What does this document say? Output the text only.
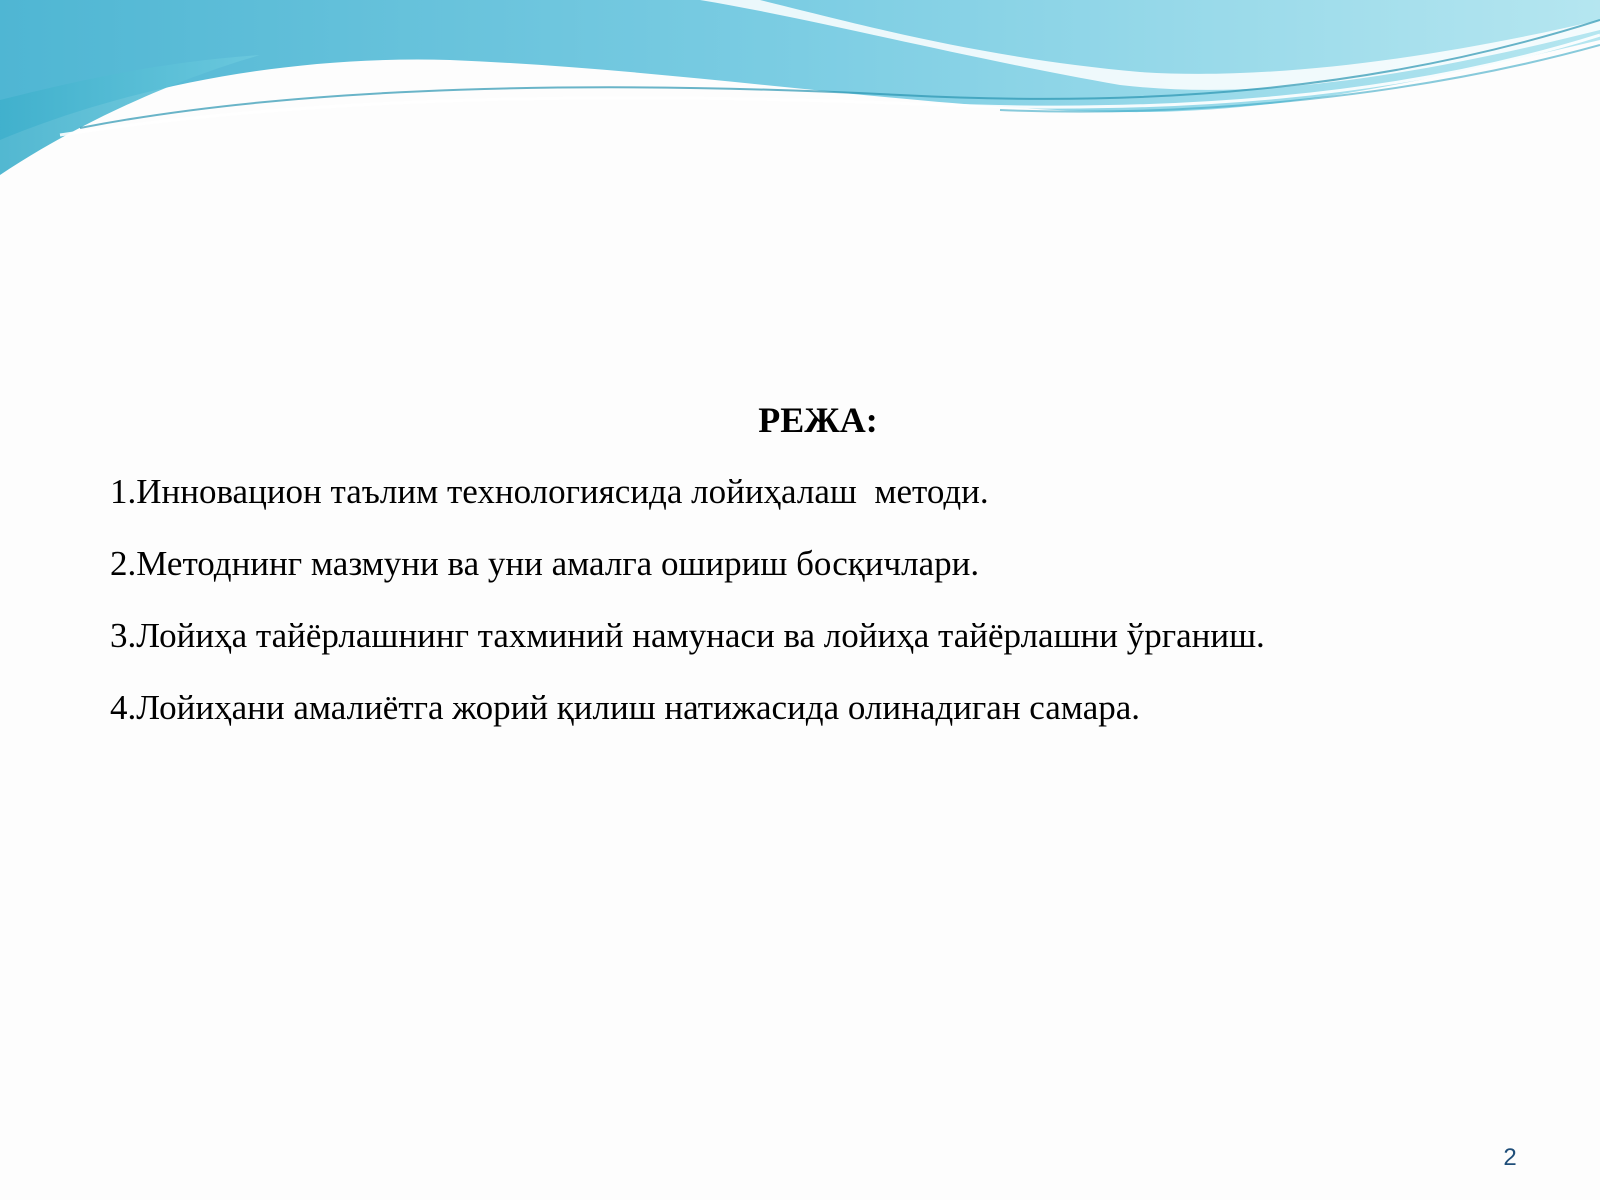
РЕЖА:
1.Инновацион таълим технологиясида лойиҳалаш  методи.
2.Методнинг мазмуни ва уни амалга ошириш босқичлари.
3.Лойиҳа тайёрлашнинг тахминий намунаси ва лойиҳа тайёрлашни ўрганиш.
4.Лойиҳани амалиётга жорий қилиш натижасида олинадиган самара.
2
